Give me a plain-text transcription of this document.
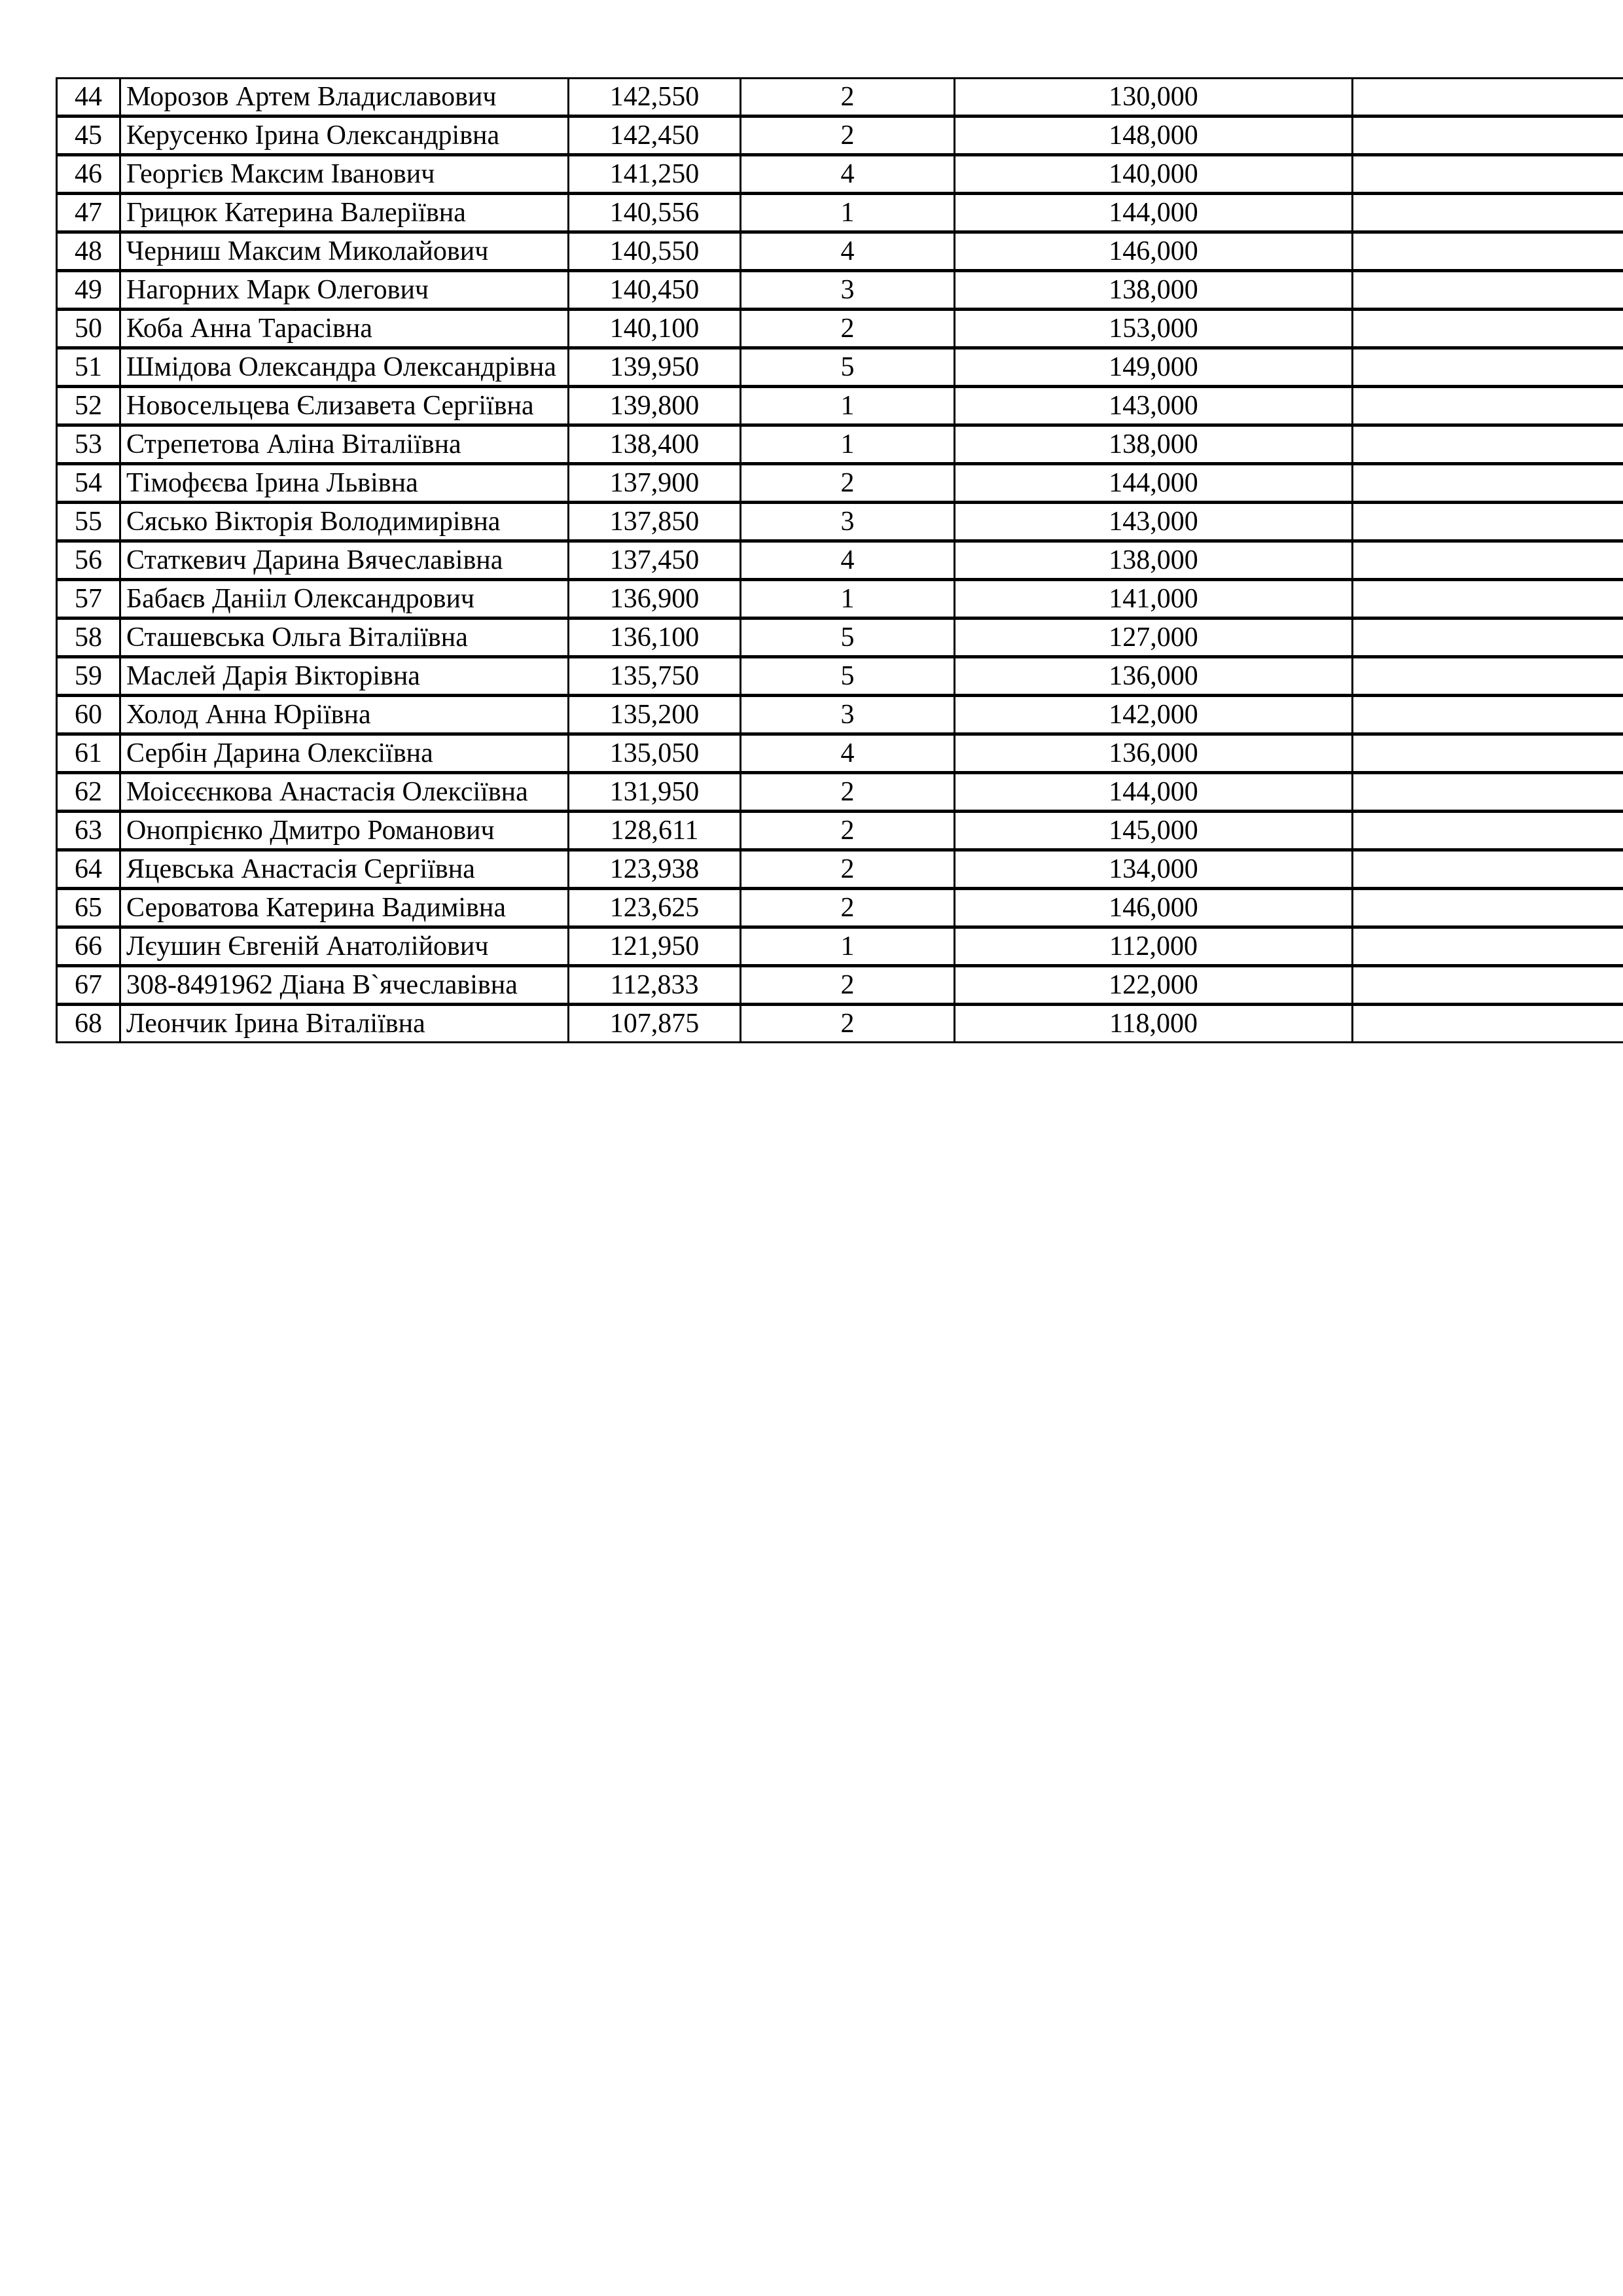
44	Морозов Артем Владиславович	142,550	2	130,000	
45	Керусенко Ірина Олександрівна	142,450	2	148,000	
46	Георгієв Максим Іванович	141,250	4	140,000	
47	Грицюк Катерина Валеріївна	140,556	1	144,000	
48	Черниш Максим Миколайович	140,550	4	146,000	
49	Нагорних Марк Олегович	140,450	3	138,000	
50	Коба Анна Тарасівна	140,100	2	153,000	
51	Шмідова Олександра Олександрівна	139,950	5	149,000	
52	Новосельцева Єлизавета Сергіївна	139,800	1	143,000	
53	Стрепетова Аліна Віталіївна	138,400	1	138,000	
54	Тімофєєва Ірина Львівна	137,900	2	144,000	
55	Сясько Вікторія Володимирівна	137,850	3	143,000	
56	Статкевич Дарина Вячеславівна	137,450	4	138,000	
57	Бабаєв Данііл Олександрович	136,900	1	141,000	
58	Сташевська Ольга Віталіївна	136,100	5	127,000	
59	Маслей Дарія Вікторівна	135,750	5	136,000	
60	Холод Анна Юріївна	135,200	3	142,000	
61	Сербін Дарина Олексіївна	135,050	4	136,000	
62	Моісєєнкова Анастасія Олексіївна	131,950	2	144,000	
63	Онопрієнко Дмитро Романович	128,611	2	145,000	
64	Яцевська Анастасія Сергіївна	123,938	2	134,000	
65	Сероватова Катерина Вадимівна	123,625	2	146,000	
66	Лєушин Євгеній Анатолійович	121,950	1	112,000	
67	308-8491962 Діана В`ячеславівна	112,833	2	122,000	
68	Леончик Ірина Віталіївна	107,875	2	118,000	
